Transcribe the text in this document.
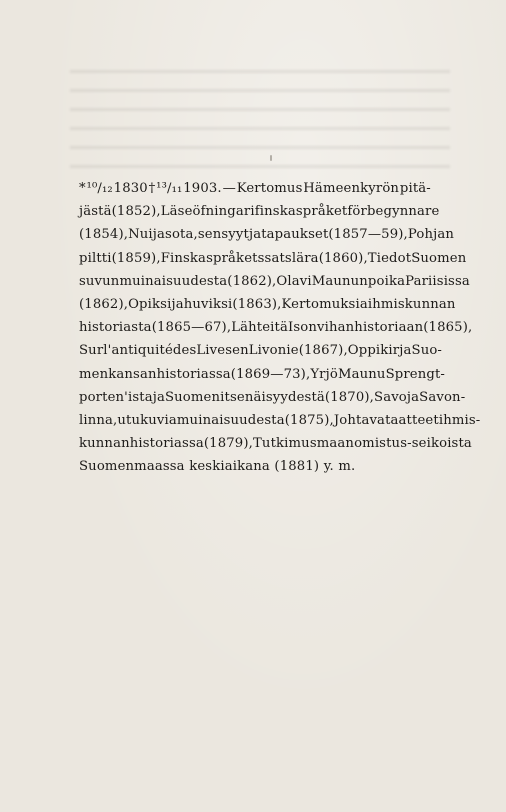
* ¹⁰/₁₂ 1830 † ¹³/₁₁ 1903. — Kertomus Hämeenkyrön pitä-
jästä (1852), Läseöfningar i finska språket för begynnare
(1854), Nuijasota, sen syyt ja tapaukset (1857—59), Pohjan
piltti (1859), Finska språkets satslära (1860), Tiedot Suomen
suvun muinaisuudesta (1862), Olavi Maununpoika Pariisissa
(1862), Opiksi ja huviksi (1863), Kertomuksia ihmiskunnan
historiasta (1865—67), Lähteitä Ison vihan historiaan (1865),
Sur l'antiquité des Lives en Livonie (1867), Oppikirja Suo-
men kansan historiassa (1869—73), Yrjö Maunu Sprengt-
porten'ista ja Suomen itsenäisyydestä (1870), Savo ja Savon-
linna, utukuvia muinaisuudesta (1875), Johtavat aatteet ihmis-
kunnan historiassa (1879), Tutkimus maanomistus-seikoista
Suomenmaassa keskiaikana (1881) y. m.
